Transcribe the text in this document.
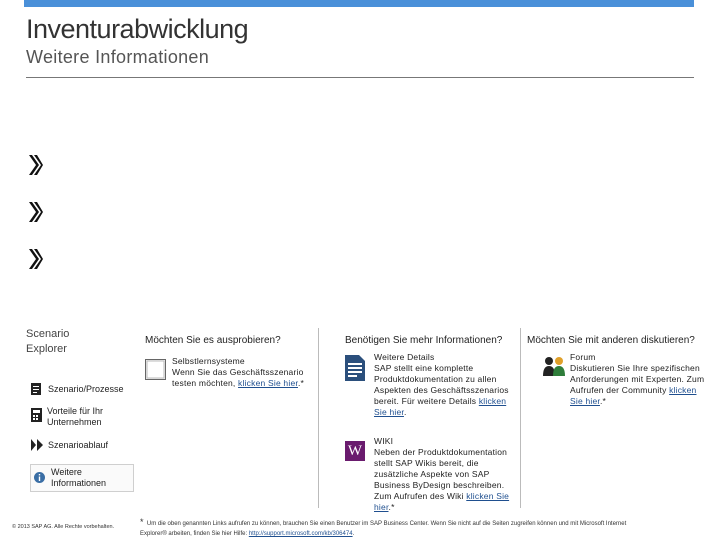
Inventurabwicklung
Weitere Informationen
Scenario
Explorer
Szenario/Prozesse
Vorteile für Ihr
Unternehmen
Szenarioablauf
Weitere Informationen
© 2013 SAP AG. Alle Rechte vorbehalten.
Möchten Sie es ausprobieren?	Benötigen Sie mehr Informationen? Möchten Sie mit anderen diskutieren?
Selbstlernsysteme
Wenn Sie das Geschäftsszenario
testen möchten, klicken Sie hier.*
Weitere Details
SAP stellt eine komplette
Produktdokumentation zu allen
Aspekten des Geschäftsszenarios
bereit. Für weitere Details klicken
Sie hier.
W
WIKI
Neben der Produktdokumentation
stellt SAP Wikis bereit, die
zusätzliche Aspekte von SAP
Business ByDesign beschreiben.
Zum Aufrufen des Wiki klicken Sie
hier.*
Forum
Diskutieren Sie Ihre spezifischen
Anforderungen mit Experten. Zum
Aufrufen der Community klicken
Sie hier.*
* Um die oben genannten Links aufrufen zu können, brauchen Sie einen Benutzer im SAP Business Center. Wenn Sie nicht auf die Seiten zugreifen können und mit Microsoft Internet
Explorer® arbeiten, finden Sie hier Hilfe: http://support.microsoft.com/kb/306474.
